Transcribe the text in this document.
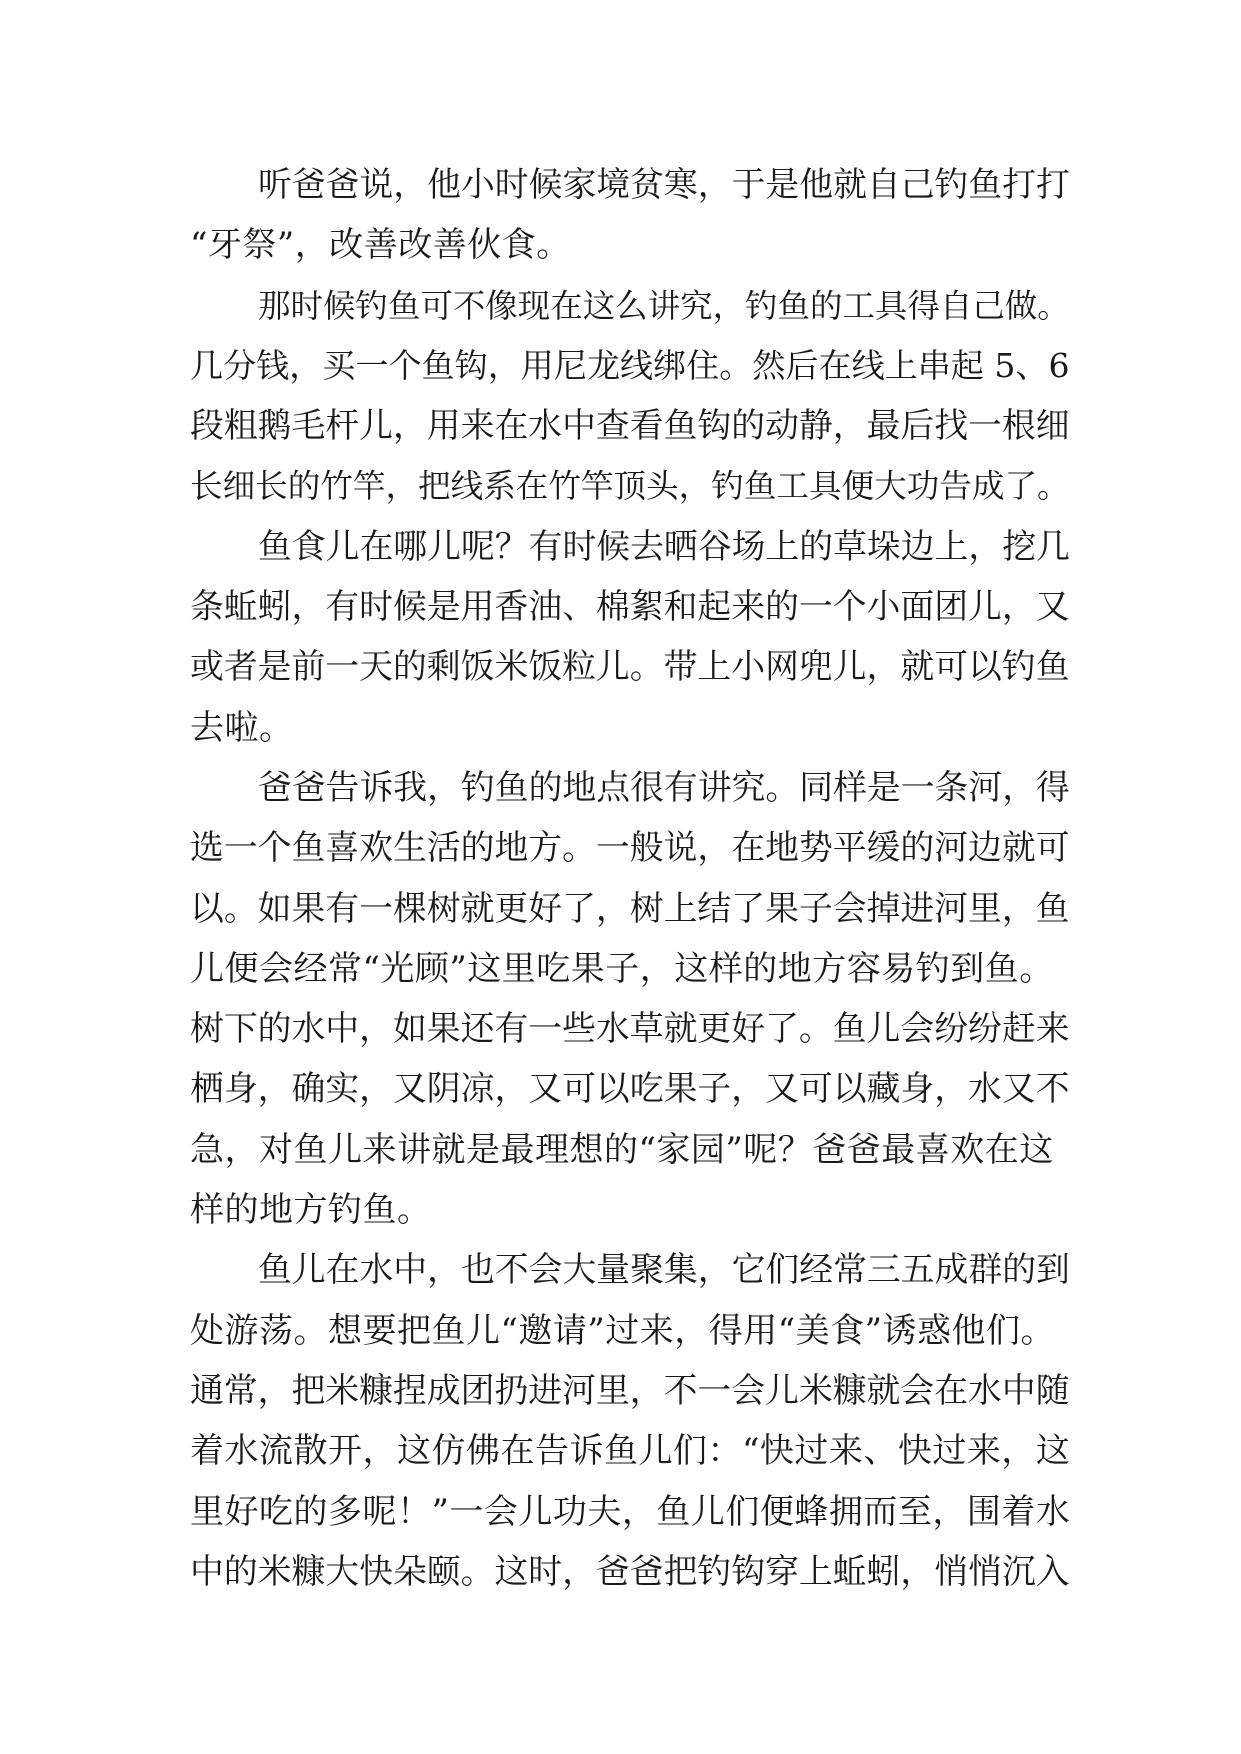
听爸爸说，他小时候家境贫寒，于是他就自己钓鱼打打
“牙祭”，改善改善伙食。
那时候钓鱼可不像现在这么讲究，钓鱼的工具得自己做。
几分钱，买一个鱼钩，用尼龙线绑住。然后在线上串起 5、6
段粗鹅毛杆儿，用来在水中查看鱼钩的动静，最后找一根细
长细长的竹竿，把线系在竹竿顶头，钓鱼工具便大功告成了。
鱼食儿在哪儿呢？有时候去晒谷场上的草垛边上，挖几
条蚯蚓，有时候是用香油、棉絮和起来的一个小面团儿，又
或者是前一天的剩饭米饭粒儿。带上小网兜儿，就可以钓鱼
去啦。
爸爸告诉我，钓鱼的地点很有讲究。同样是一条河，得
选一个鱼喜欢生活的地方。一般说，在地势平缓的河边就可
以。如果有一棵树就更好了，树上结了果子会掉进河里，鱼
儿便会经常“光顾”这里吃果子，这样的地方容易钓到鱼。
树下的水中，如果还有一些水草就更好了。鱼儿会纷纷赶来
栖身，确实，又阴凉，又可以吃果子，又可以藏身，水又不
急，对鱼儿来讲就是最理想的“家园”呢？爸爸最喜欢在这
样的地方钓鱼。
鱼儿在水中，也不会大量聚集，它们经常三五成群的到
处游荡。想要把鱼儿“邀请”过来，得用“美食”诱惑他们。
通常，把米糠捏成团扔进河里，不一会儿米糠就会在水中随
着水流散开，这仿佛在告诉鱼儿们：“快过来、快过来，这
里好吃的多呢！”一会儿功夫，鱼儿们便蜂拥而至，围着水
中的米糠大快朵颐。这时，爸爸把钓钩穿上蚯蚓，悄悄沉入
